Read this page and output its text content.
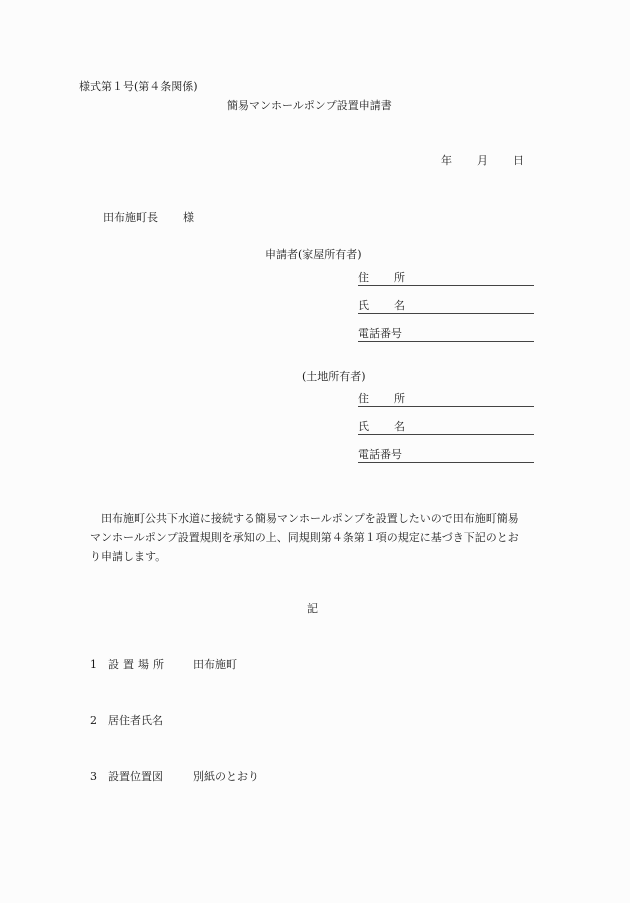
様式第１号(第４条関係)
簡易マンホールポンプ設置申請書
年 月 日
田布施町長 様
申請者(家屋所有者)
住 所
氏 名
電話番号
(土地所有者)
住 所
氏 名
電話番号
田布施町公共下水道に接続する簡易マンホールポンプを設置したいので田布施町簡易
マンホールポンプ設置規則を承知の上、同規則第４条第１項の規定に基づき下記のとお
り申請します。
記
1 設置場所 田布施町
2 居住者氏名
3 設置位置図	別紙のとおり
